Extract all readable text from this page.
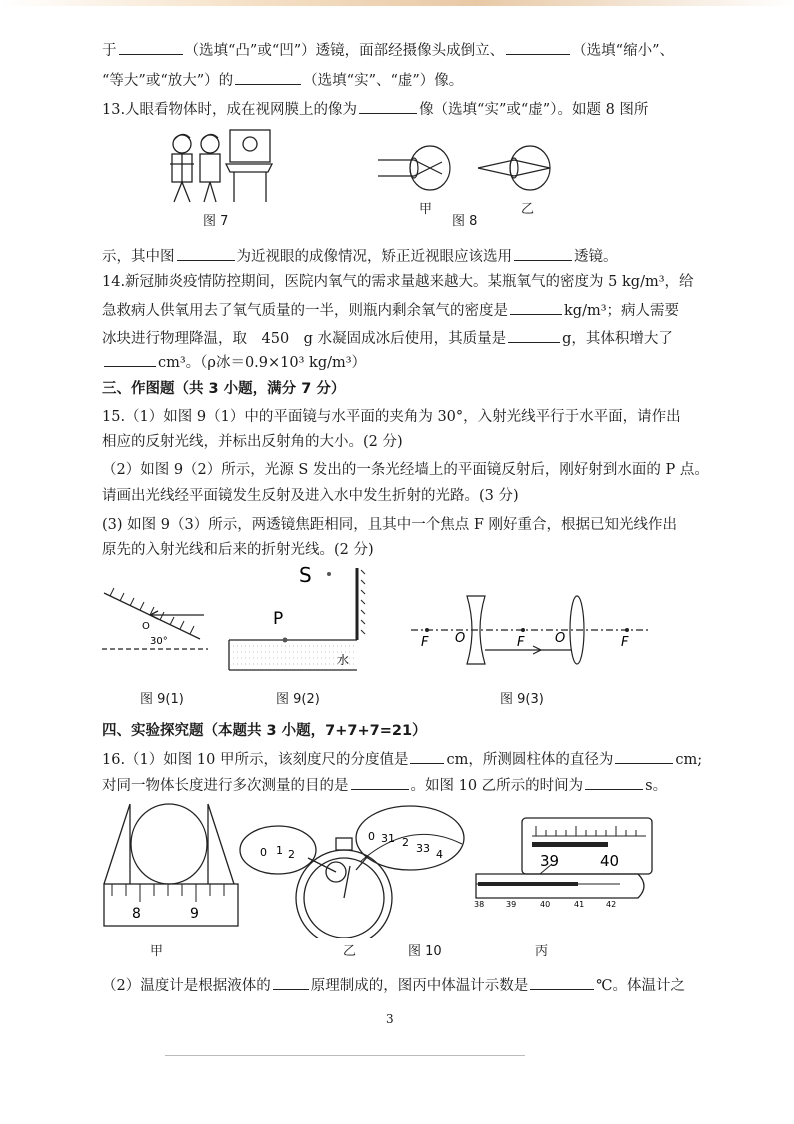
于	（选填“凸”或“凹”）透镜，面部经摄像头成倒立、	（选填“缩小”、
“等大”或“放大”）的	（选填“实”、“虚”）像。
13.人眼看物体时，成在视网膜上的像为	像（选填“实”或“虚”）。如题 8 图所
图 7
甲
图 8
乙
示，其中图	为近视眼的成像情况，矫正近视眼应该选用	透镜。
14.新冠肺炎疫情防控期间，医院内氧气的需求量越来越大。某瓶氧气的密度为 5 kg/m³，给
急救病人供氧用去了氧气质量的一半，则瓶内剩余氧气的密度是	kg/m³；病人需要
冰块进行物理降温，取　450　g 水凝固成冰后使用，其质量是	g，其体积增大了
cm³。（ρ冰＝0.9×10³ kg/m³）
三、作图题（共 3 小题，满分 7 分）
15.（1）如图 9（1）中的平面镜与水平面的夹角为 30°，入射光线平行于水平面，请作出
相应的反射光线，并标出反射角的大小。(2 分)
（2）如图 9（2）所示，光源 S 发出的一条光经墙上的平面镜反射后，刚好射到水面的 P 点。
请画出光线经平面镜发生反射及进入水中发生折射的光路。(3 分)
(3) 如图 9（3）所示，两透镜焦距相同，且其中一个焦点 F 刚好重合，根据已知光线作出
原先的入射光线和后来的折射光线。(2 分)
O
30°
图 9(1)
S
P
水
图 9(2)
F O	F O	F
图 9(3)
四、实验探究题（本题共 3 小题，7+7+7=21）
16.（1）如图 10 甲所示，该刻度尺的分度值是	cm，所测圆柱体的直径为	cm;
对同一物体长度进行多次测量的目的是	。如图 10 乙所示的时间为	s。
8	9
甲
0 1 2
0 31 2 33 4
乙	图 10
39	40
38	39	40	41	42
丙
（2）温度计是根据液体的	原理制成的，图丙中体温计示数是	℃。体温计之
3
